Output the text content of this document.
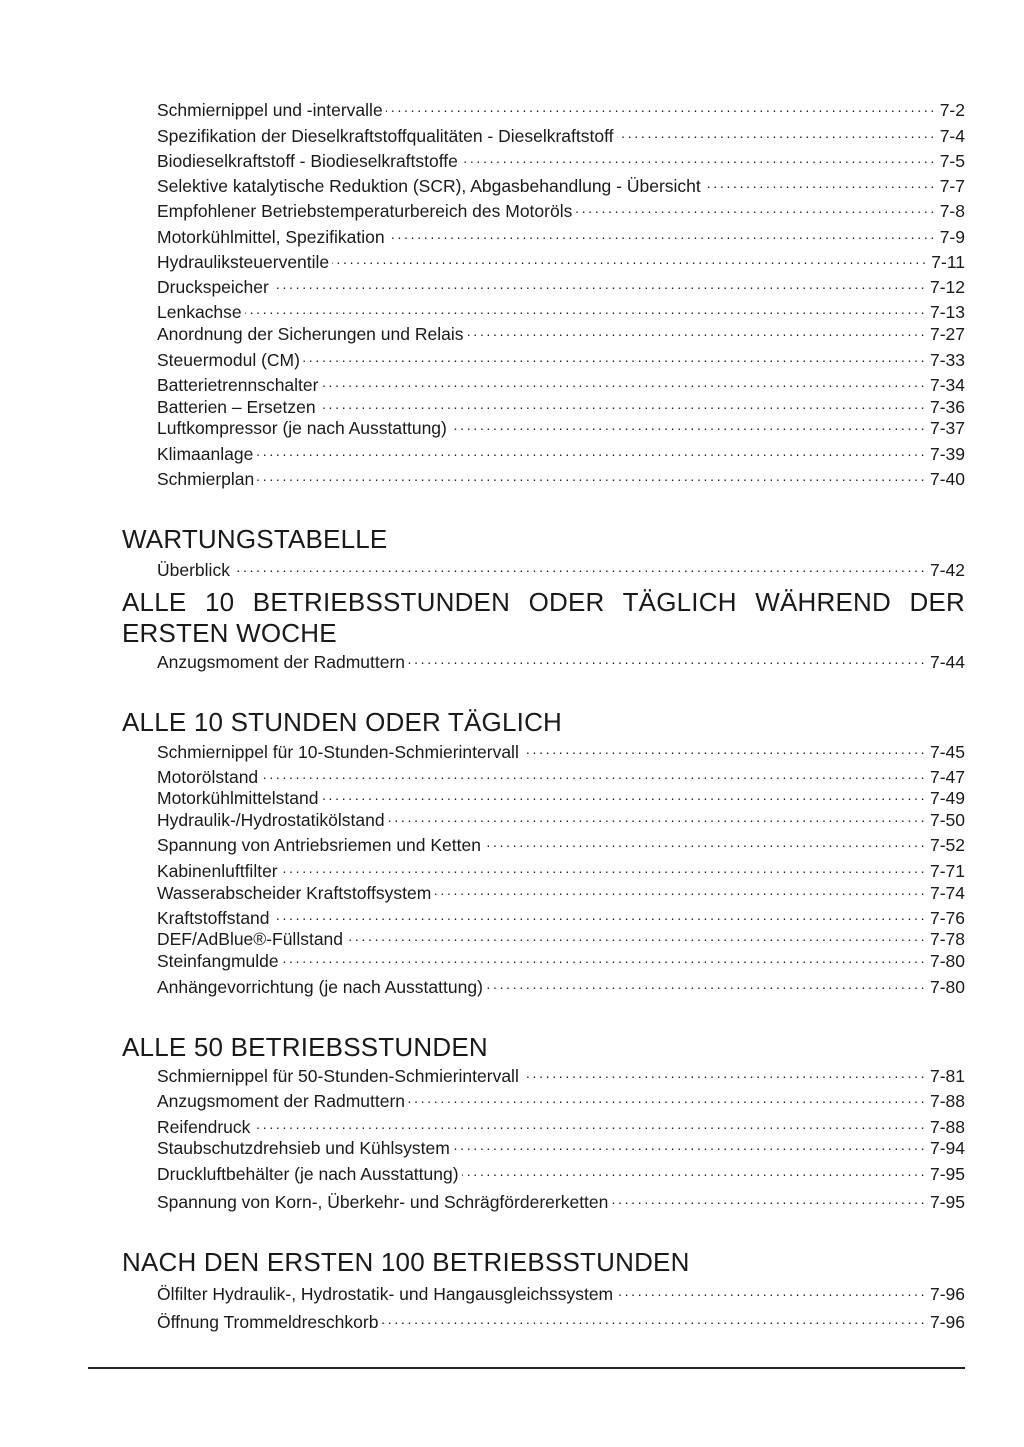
Schmiernippel und -intervalle . . .	7-2
Spezifikation der Dieselkraftstoffqualitäten - Dieselkraftstoff . . .	7-4
Biodieselkraftstoff - Biodieselkraftstoffe . . .	7-5
Selektive katalytische Reduktion (SCR), Abgasbehandlung - Übersicht . . .	7-7
Empfohlener Betriebstemperaturbereich des Motoröls . . .	7-8
Motorkühlmittel, Spezifikation . . .	7-9
Hydrauliksteuerventile . . .	7-11
Druckspeicher . . .	7-12
Lenkachse . . .	7-13
Anordnung der Sicherungen und Relais . . .	7-27
Steuermodul (CM) . . .	7-33
Batterietrennschalter . . .	7-34
Batterien – Ersetzen . . .	7-36
Luftkompressor (je nach Ausstattung) . . .	7-37
Klimaanlage . . .	7-39
Schmierplan . . .	7-40
WARTUNGSTABELLE
Überblick . . .	7-42
ALLE 10 BETRIEBSSTUNDEN ODER TÄGLICH WÄHREND DER
ERSTEN WOCHE
Anzugsmoment der Radmuttern . . .	7-44
ALLE 10 STUNDEN ODER TÄGLICH
Schmiernippel für 10-Stunden-Schmierintervall . . .	7-45
Motorölstand . . .	7-47
Motorkühlmittelstand . . .	7-49
Hydraulik-/Hydrostatikölstand . . .	7-50
Spannung von Antriebsriemen und Ketten . . .	7-52
Kabinenluftfilter . . .	7-71
Wasserabscheider Kraftstoffsystem . . .	7-74
Kraftstoffstand . . .	7-76
DEF/AdBlue®-Füllstand . . .	7-78
Steinfangmulde . . .	7-80
Anhängevorrichtung (je nach Ausstattung) . . .	7-80
ALLE 50 BETRIEBSSTUNDEN
Schmiernippel für 50-Stunden-Schmierintervall . . .	7-81
Anzugsmoment der Radmuttern . . .	7-88
Reifendruck . . .	7-88
Staubschutzdrehsieb und Kühlsystem . . .	7-94
Druckluftbehälter (je nach Ausstattung) . . .	7-95
Spannung von Korn-, Überkehr- und Schrägfördererketten . . .	7-95
NACH DEN ERSTEN 100 BETRIEBSSTUNDEN
Ölfilter Hydraulik-, Hydrostatik- und Hangausgleichssystem . . .	7-96
Öffnung Trommeldreschkorb . . .	7-96
